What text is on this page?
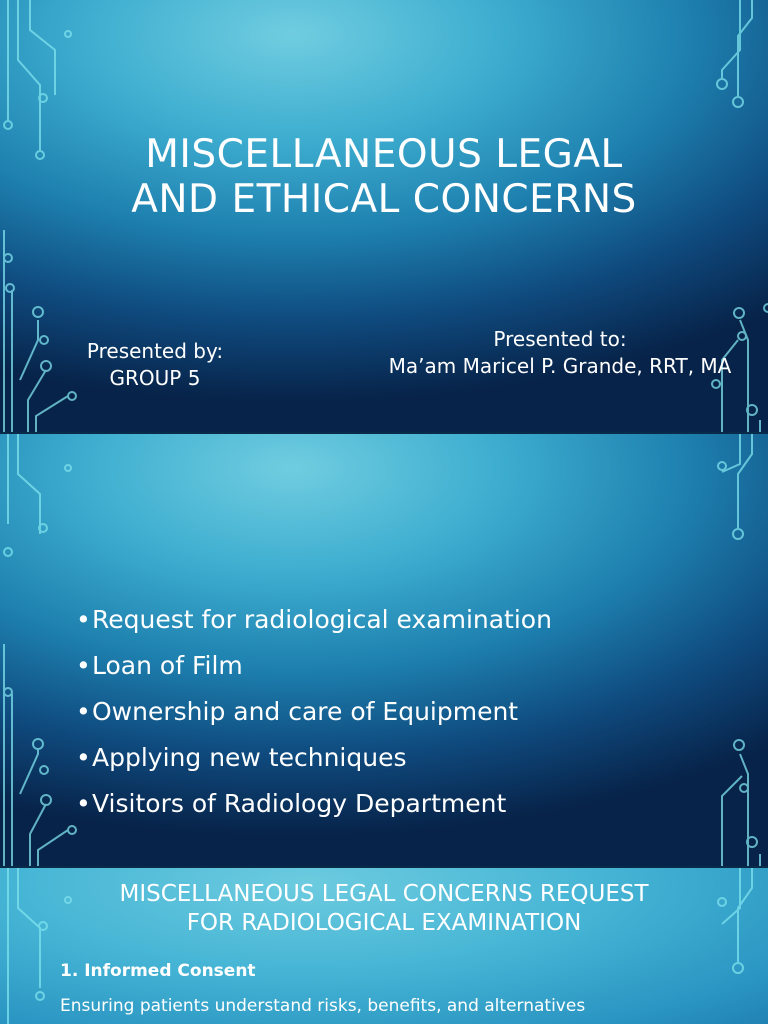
MISCELLANEOUS LEGAL
AND ETHICAL CONCERNS
Presented by:
GROUP 5
Presented to:
Ma’am Maricel P. Grande, RRT, MA
•Request for radiological examination
•Loan of Film
•Ownership and care of Equipment
•Applying new techniques
•Visitors of Radiology Department
MISCELLANEOUS LEGAL CONCERNS REQUEST
FOR RADIOLOGICAL EXAMINATION
1. Informed Consent
Ensuring patients understand risks, benefits, and alternatives
